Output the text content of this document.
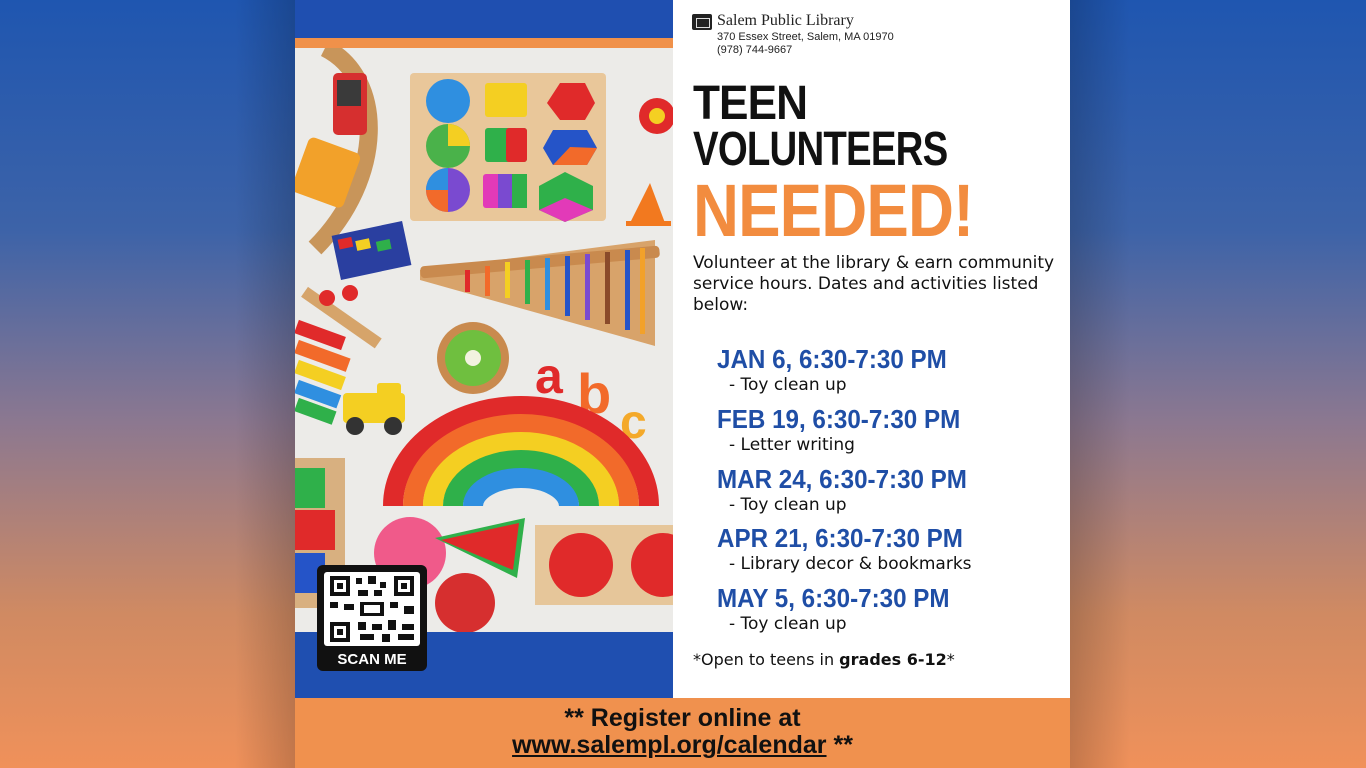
a b c
SCAN ME
Salem Public Library
370 Essex Street, Salem, MA 01970
(978) 744-9667
TEEN
VOLUNTEERS
NEEDED!
Volunteer at the library & earn community service hours. Dates and activities listed below:
JAN 6, 6:30-7:30 PM
- Toy clean up
FEB 19, 6:30-7:30 PM
- Letter writing
MAR 24, 6:30-7:30 PM
- Toy clean up
APR 21, 6:30-7:30 PM
- Library decor & bookmarks
MAY 5, 6:30-7:30 PM
- Toy clean up
*Open to teens in grades 6-12*
** Register online at
www.salempl.org/calendar **
